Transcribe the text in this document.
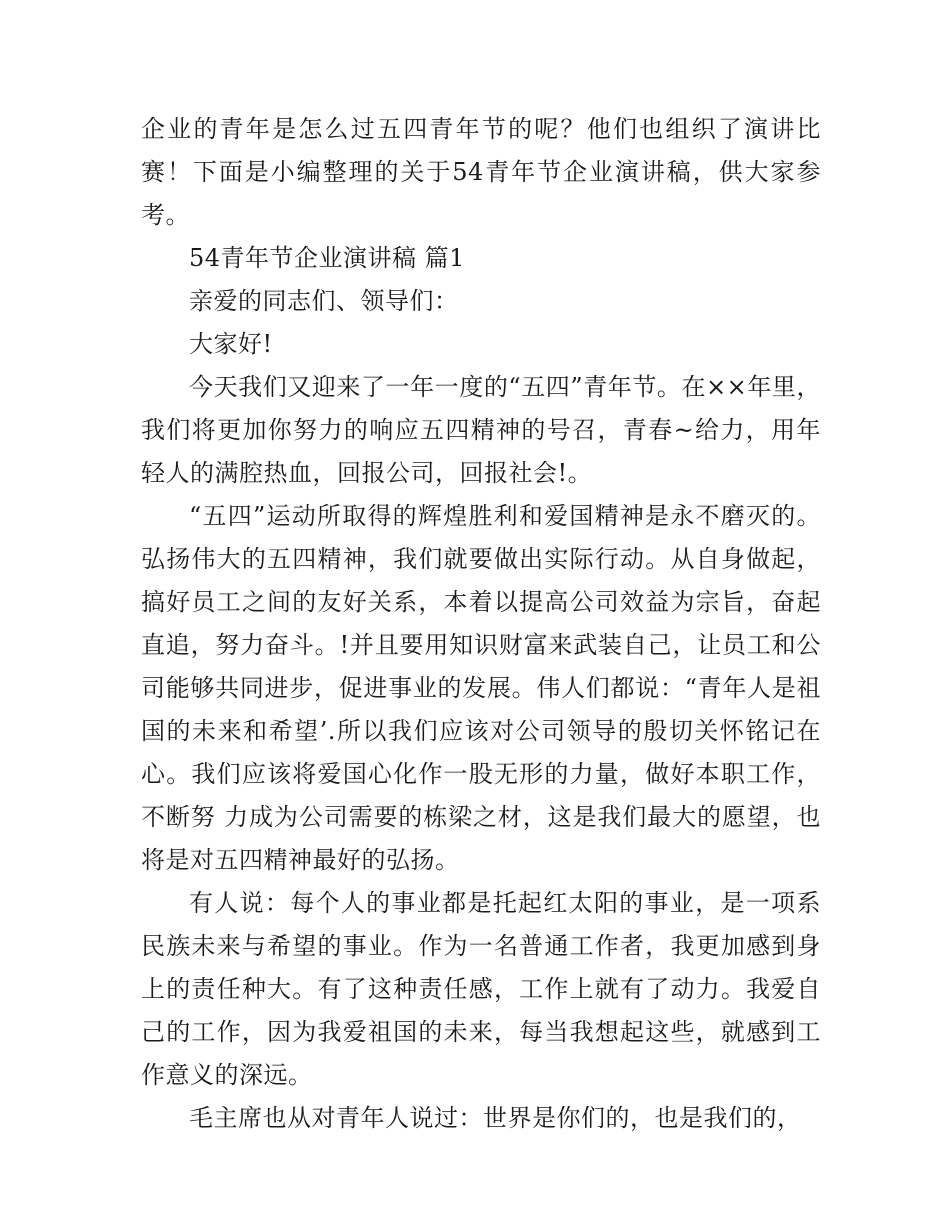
企业的青年是怎么过五四青年节的呢？他们也组织了演讲比赛！下面是小编整理的关于54青年节企业演讲稿，供大家参考。

54青年节企业演讲稿 篇1

亲爱的同志们、领导们：

大家好!

今天我们又迎来了一年一度的“五四”青年节。在××年里，我们将更加你努力的响应五四精神的号召，青春~给力，用年轻人的满腔热血，回报公司，回报社会!。

“五四”运动所取得的辉煌胜利和爱国精神是永不磨灭的。弘扬伟大的五四精神，我们就要做出实际行动。从自身做起，搞好员工之间的友好关系，本着以提高公司效益为宗旨，奋起直追，努力奋斗。!并且要用知识财富来武装自己，让员工和公司能够共同进步，促进事业的发展。伟人们都说：“青年人是祖国的未来和希望’.所以我们应该对公司领导的殷切关怀铭记在心。我们应该将爱国心化作一股无形的力量，做好本职工作，不断努 力成为公司需要的栋梁之材，这是我们最大的愿望，也将是对五四精神最好的弘扬。

有人说：每个人的事业都是托起红太阳的事业，是一项系民族未来与希望的事业。作为一名普通工作者，我更加感到身上的责任种大。有了这种责任感，工作上就有了动力。我爱自己的工作，因为我爱祖国的未来，每当我想起这些，就感到工作意义的深远。

毛主席也从对青年人说过：世界是你们的，也是我们的，
